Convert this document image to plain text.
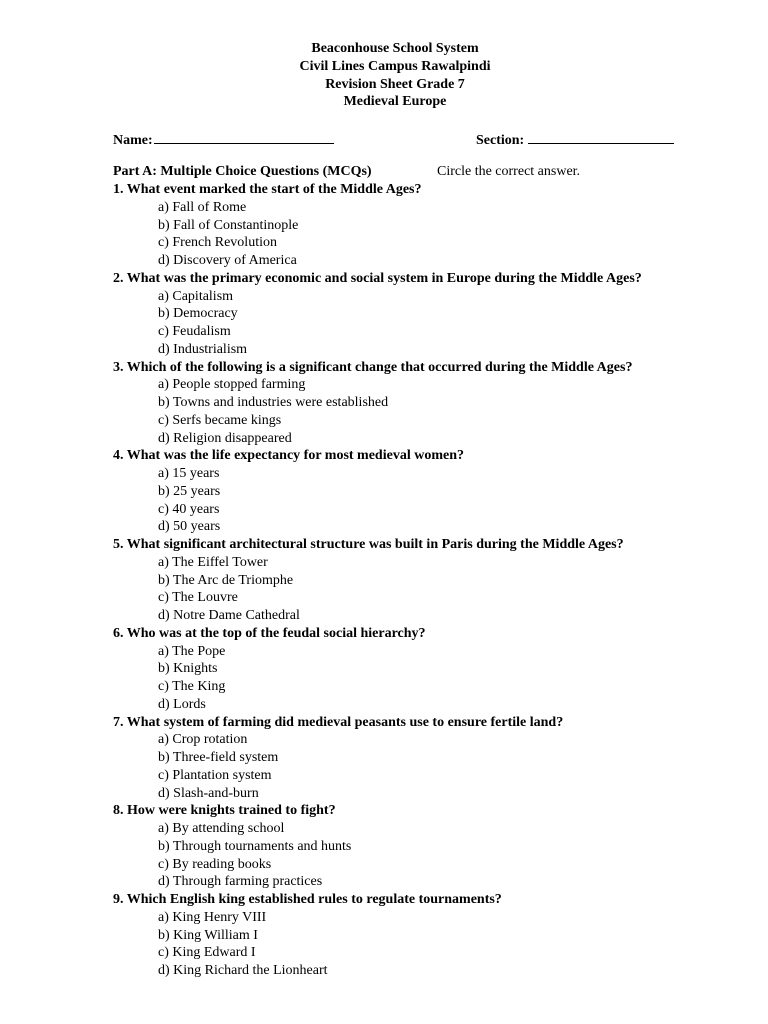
Beaconhouse School System
Civil Lines Campus Rawalpindi
Revision Sheet Grade 7
Medieval Europe
Name:	Section:
Part A: Multiple Choice Questions (MCQs)	Circle the correct answer.
1. What event marked the start of the Middle Ages?
a) Fall of Rome
b) Fall of Constantinople
c) French Revolution
d) Discovery of America
2. What was the primary economic and social system in Europe during the Middle Ages?
a) Capitalism
b) Democracy
c) Feudalism
d) Industrialism
3. Which of the following is a significant change that occurred during the Middle Ages?
a) People stopped farming
b) Towns and industries were established
c) Serfs became kings
d) Religion disappeared
4. What was the life expectancy for most medieval women?
a) 15 years
b) 25 years
c) 40 years
d) 50 years
5. What significant architectural structure was built in Paris during the Middle Ages?
a) The Eiffel Tower
b) The Arc de Triomphe
c) The Louvre
d) Notre Dame Cathedral
6. Who was at the top of the feudal social hierarchy?
a) The Pope
b) Knights
c) The King
d) Lords
7. What system of farming did medieval peasants use to ensure fertile land?
a) Crop rotation
b) Three-field system
c) Plantation system
d) Slash-and-burn
8. How were knights trained to fight?
a) By attending school
b) Through tournaments and hunts
c) By reading books
d) Through farming practices
9. Which English king established rules to regulate tournaments?
a) King Henry VIII
b) King William I
c) King Edward I
d) King Richard the Lionheart
